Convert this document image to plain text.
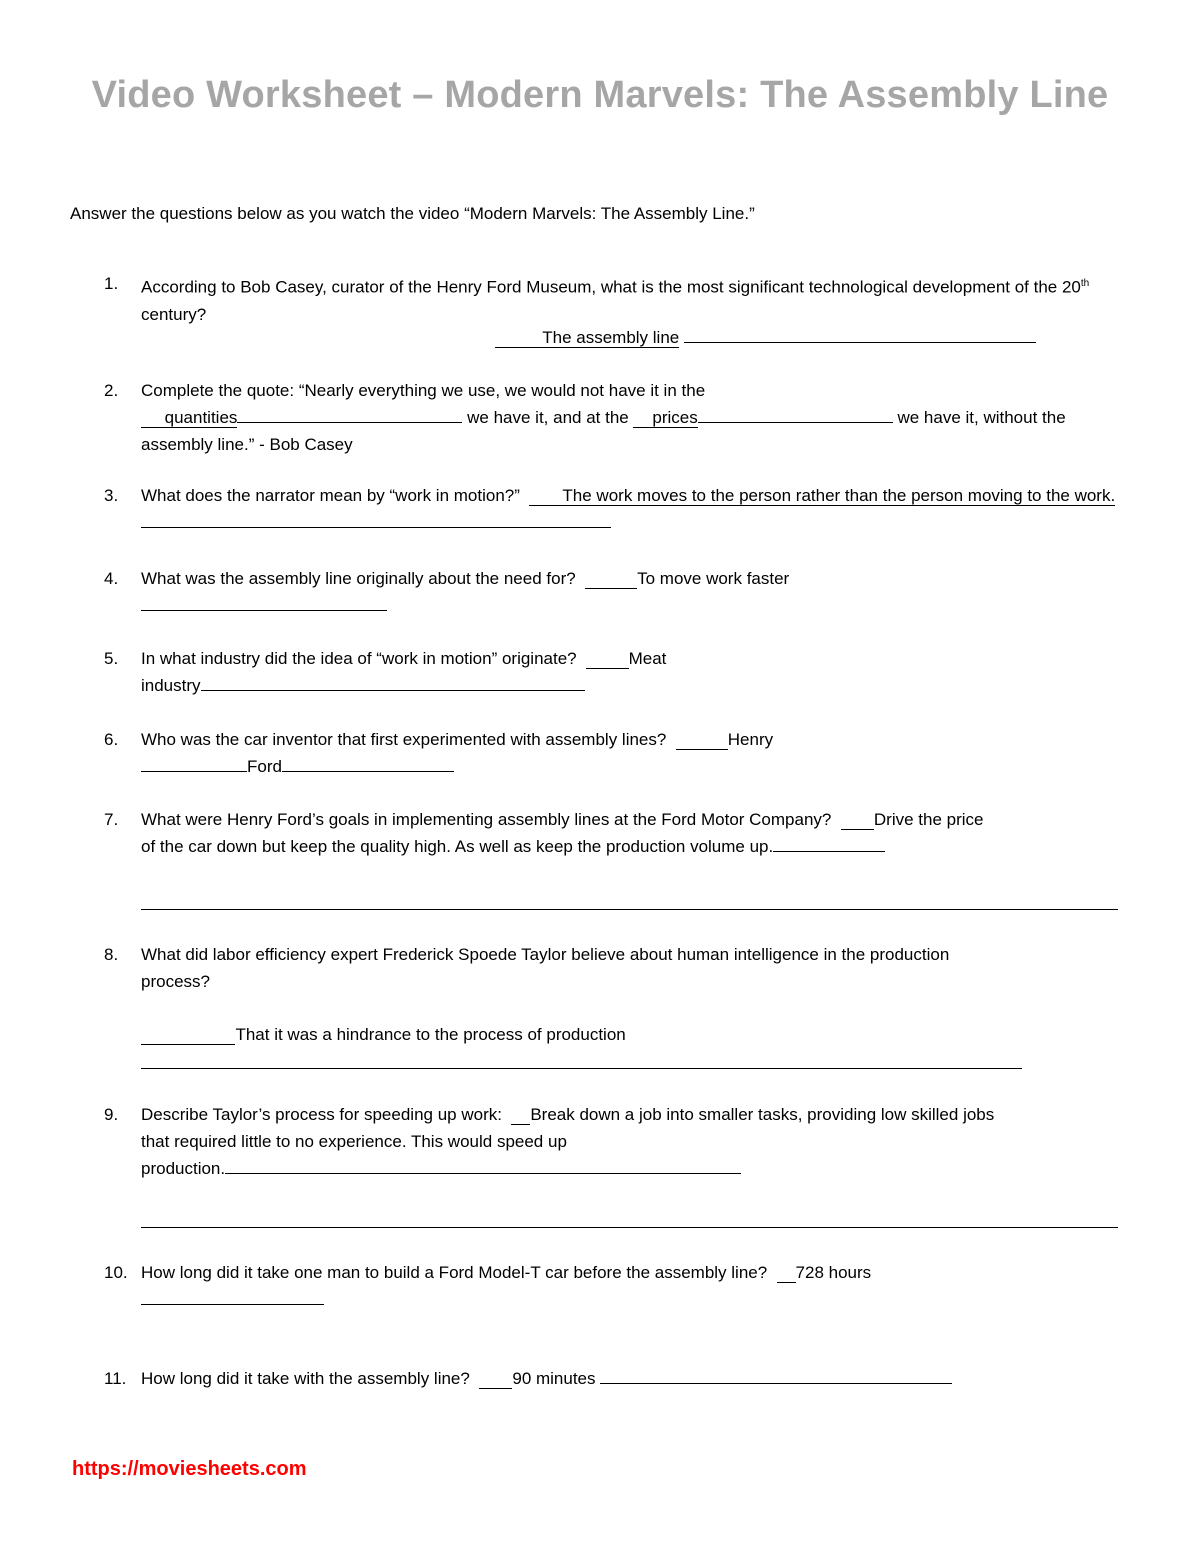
Video Worksheet – Modern Marvels: The Assembly Line
Answer the questions below as you watch the video “Modern Marvels: The Assembly Line.”
1. According to Bob Casey, curator of the Henry Ford Museum, what is the most significant technological development of the 20th century?
The assembly line
2. Complete the quote: “Nearly everything we use, we would not have it in the
quantities	we have it, and at the     prices	we have it, without the assembly line.” - Bob Casey
3. What does the narrator mean by “work in motion?”	The work moves to the person rather than the person moving to the work.
4. What was the assembly line originally about the need for?	To move work faster
5. In what industry did the idea of “work in motion” originate?	Meat
industry
6. Who was the car inventor that first experimented with assembly lines?	Henry
Ford
7. What were Henry Ford’s goals in implementing assembly lines at the Ford Motor Company?	Drive the price
of the car down but keep the quality high. As well as keep the production volume up.
8. What did labor efficiency expert Frederick Spoede Taylor believe about human intelligence in the production
process?
That it was a hindrance to the process of production
9. Describe Taylor’s process for speeding up work: Break down a job into smaller tasks, providing low skilled jobs
that required little to no experience. This would speed up
production.
10. How long did it take one man to build a Ford Model-T car before the assembly line? 728 hours
11. How long did it take with the assembly line?	90 minutes
https://moviesheets.com
